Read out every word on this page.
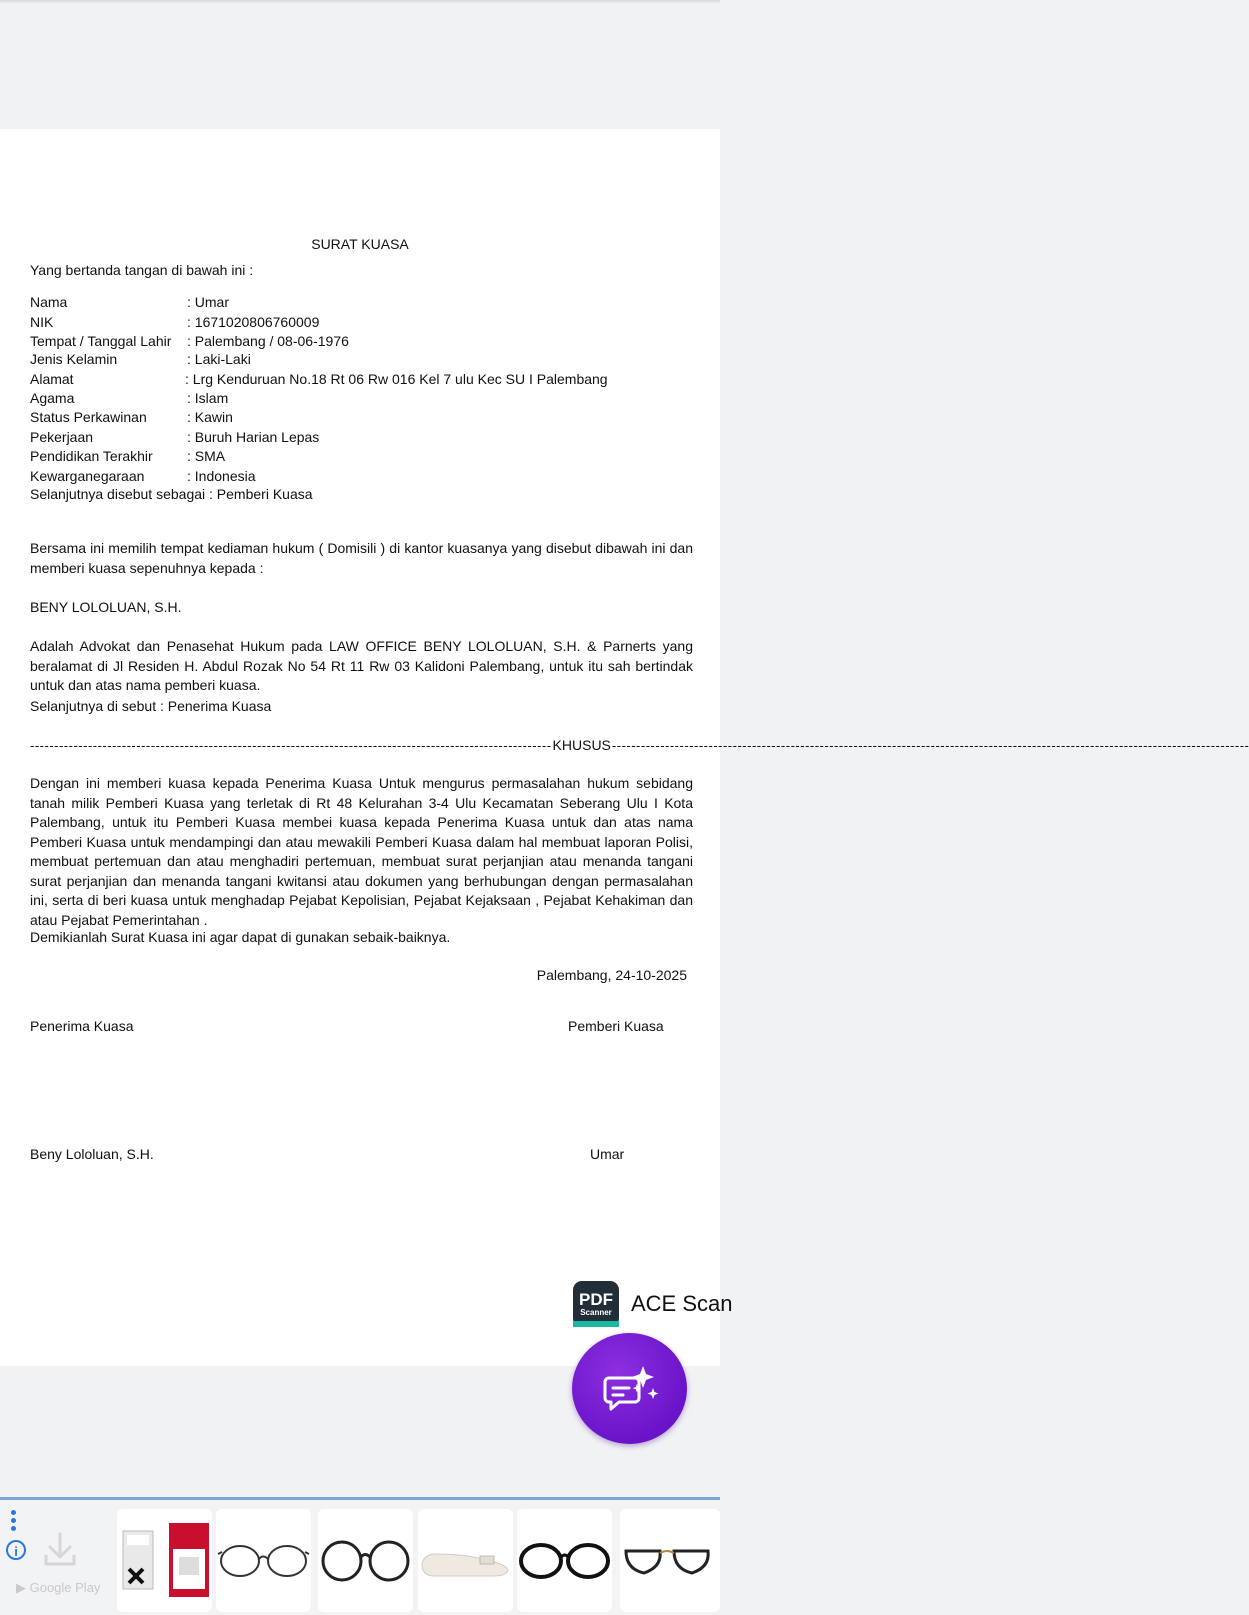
SURAT KUASA
Yang bertanda tangan di bawah ini :
Nama	: Umar
NIK	: 1671020806760009
Tempat / Tanggal Lahir : Palembang / 08-06-1976
Jenis Kelamin	: Laki-Laki
Alamat	: Lrg Kenduruan No.18 Rt 06 Rw 016 Kel 7 ulu Kec SU I Palembang
Agama	: Islam
Status Perkawinan	: Kawin
Pekerjaan	: Buruh Harian Lepas
Pendidikan Terakhir : SMA
Kewarganegaraan	: Indonesia
Selanjutnya disebut sebagai : Pemberi Kuasa
Bersama ini memilih tempat kediaman hukum ( Domisili ) di kantor kuasanya yang disebut dibawah ini dan memberi kuasa sepenuhnya kepada :
BENY LOLOLUAN, S.H.
Adalah Advokat dan Penasehat Hukum pada LAW OFFICE BENY LOLOLUAN, S.H. & Parnerts yang beralamat di Jl Residen H. Abdul Rozak No 54 Rt 11 Rw 03 Kalidoni Palembang, untuk itu sah bertindak untuk dan atas nama pemberi kuasa.
Selanjutnya di sebut : Penerima Kuasa
------------------------------------------------------------------------------------------------------------ KHUSUS ------------------------------------------------------------------------------------------------------------------------------------
Dengan ini memberi kuasa kepada Penerima Kuasa Untuk mengurus permasalahan hukum sebidang tanah milik Pemberi Kuasa yang terletak di Rt 48 Kelurahan 3-4 Ulu Kecamatan Seberang Ulu I Kota Palembang, untuk itu Pemberi Kuasa membei kuasa kepada Penerima Kuasa untuk dan atas nama Pemberi Kuasa untuk mendampingi dan atau mewakili Pemberi Kuasa dalam hal membuat laporan Polisi, membuat pertemuan dan atau menghadiri pertemuan, membuat surat perjanjian atau menanda tangani surat perjanjian dan menanda tangani kwitansi atau dokumen yang berhubungan dengan permasalahan ini, serta di beri kuasa untuk menghadap Pejabat Kepolisian, Pejabat Kejaksaan , Pejabat Kehakiman dan atau Pejabat Pemerintahan .
Demikianlah Surat Kuasa ini agar dapat di gunakan sebaik-baiknya.
Palembang, 24-10-2025
Penerima Kuasa	Pemberi Kuasa
Beny Lololuan, S.H.	Umar
PDF
Scanner ACE Scan
i
▶ Google Play
